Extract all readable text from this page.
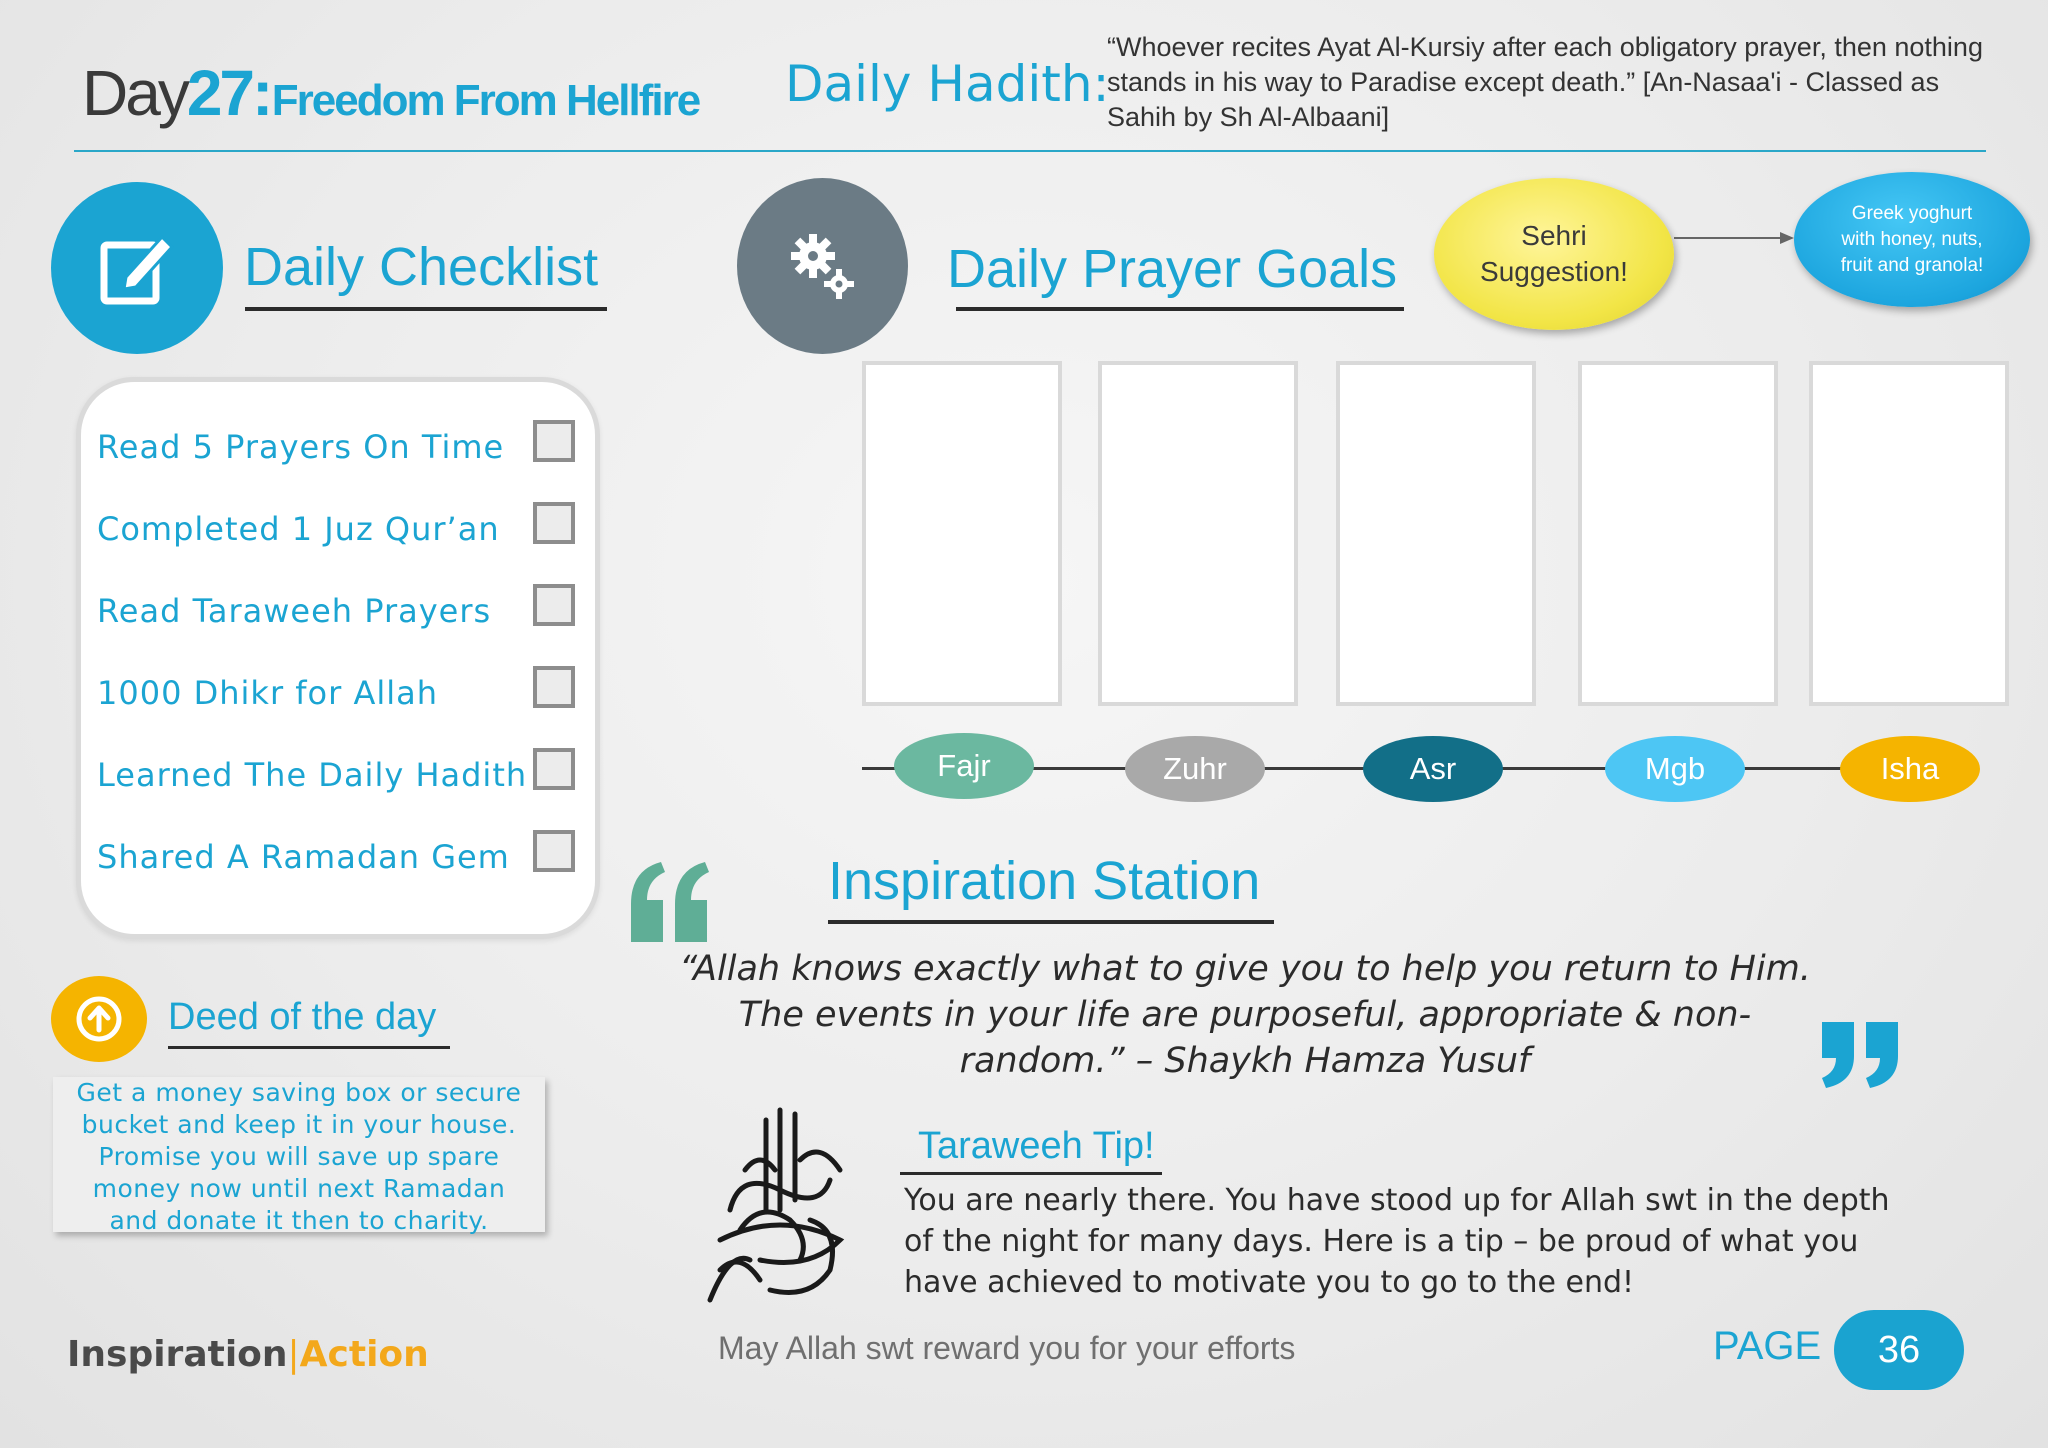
Day27: Freedom From Hellfire Daily Hadith:
“Whoever recites Ayat Al-Kursiy after each obligatory prayer, then nothing stands in his way to Paradise except death.” [An-Nasaa'i - Classed as Sahih by Sh Al-Albaani]
Daily Checklist
Read 5 Prayers On Time
Completed 1 Juz Qur’an
Read Taraweeh Prayers
1000 Dhikr for Allah
Learned The Daily Hadith
Shared A Ramadan Gem
Deed of the day
Get a money saving box or secure
bucket and keep it in your house.
Promise you will save up spare
money now until next Ramadan
and donate it then to charity.
Daily Prayer Goals
Sehri
Suggestion!
Greek yoghurt
with honey, nuts,
fruit and granola!
Fajr	Zuhr	Asr	Mgb	Isha
Inspiration Station
“Allah knows exactly what to give you to help you return to Him.
The events in your life are purposeful, appropriate & non-
random.” – Shaykh Hamza Yusuf
Taraweeh Tip!
You are nearly there. You have stood up for Allah swt in the depth of the night for many days. Here is a tip – be proud of what you have achieved to motivate you to go to the end!
Inspiration|Action	May Allah swt reward you for your efforts	PAGE 36
